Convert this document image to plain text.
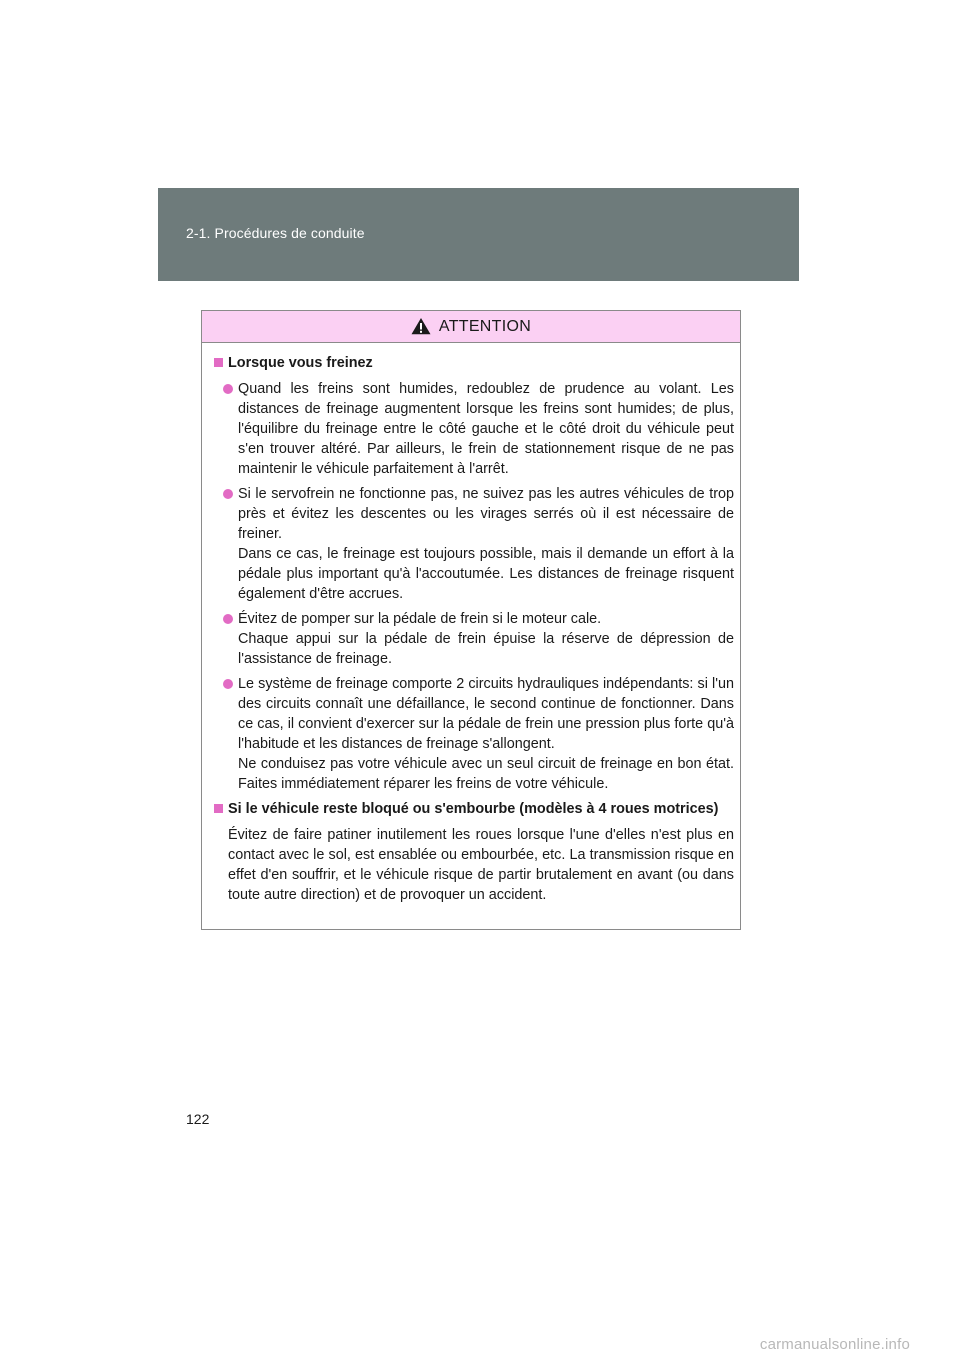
2-1. Procédures de conduite
ATTENTION
Lorsque vous freinez

Quand les freins sont humides, redoublez de prudence au volant. Les distances de freinage augmentent lorsque les freins sont humides; de plus, l'équilibre du freinage entre le côté gauche et le côté droit du véhicule peut s'en trouver altéré. Par ailleurs, le frein de stationnement risque de ne pas maintenir le véhicule parfaitement à l'arrêt.

Si le servofrein ne fonctionne pas, ne suivez pas les autres véhicules de trop près et évitez les descentes ou les virages serrés où il est nécessaire de freiner.

Dans ce cas, le freinage est toujours possible, mais il demande un effort à la pédale plus important qu'à l'accoutumée. Les distances de freinage risquent également d'être accrues.

Évitez de pomper sur la pédale de frein si le moteur cale.

Chaque appui sur la pédale de frein épuise la réserve de dépression de l'assistance de freinage.

Le système de freinage comporte 2 circuits hydrauliques indépendants: si l'un des circuits connaît une défaillance, le second continue de fonctionner. Dans ce cas, il convient d'exercer sur la pédale de frein une pression plus forte qu'à l'habitude et les distances de freinage s'allongent.

Ne conduisez pas votre véhicule avec un seul circuit de freinage en bon état. Faites immédiatement réparer les freins de votre véhicule.

Si le véhicule reste bloqué ou s'embourbe (modèles à 4 roues motrices)

Évitez de faire patiner inutilement les roues lorsque l'une d'elles n'est plus en contact avec le sol, est ensablée ou embourbée, etc. La transmission risque en effet d'en souffrir, et le véhicule risque de partir brutalement en avant (ou dans toute autre direction) et de provoquer un accident.

122
carmanualsonline.info
